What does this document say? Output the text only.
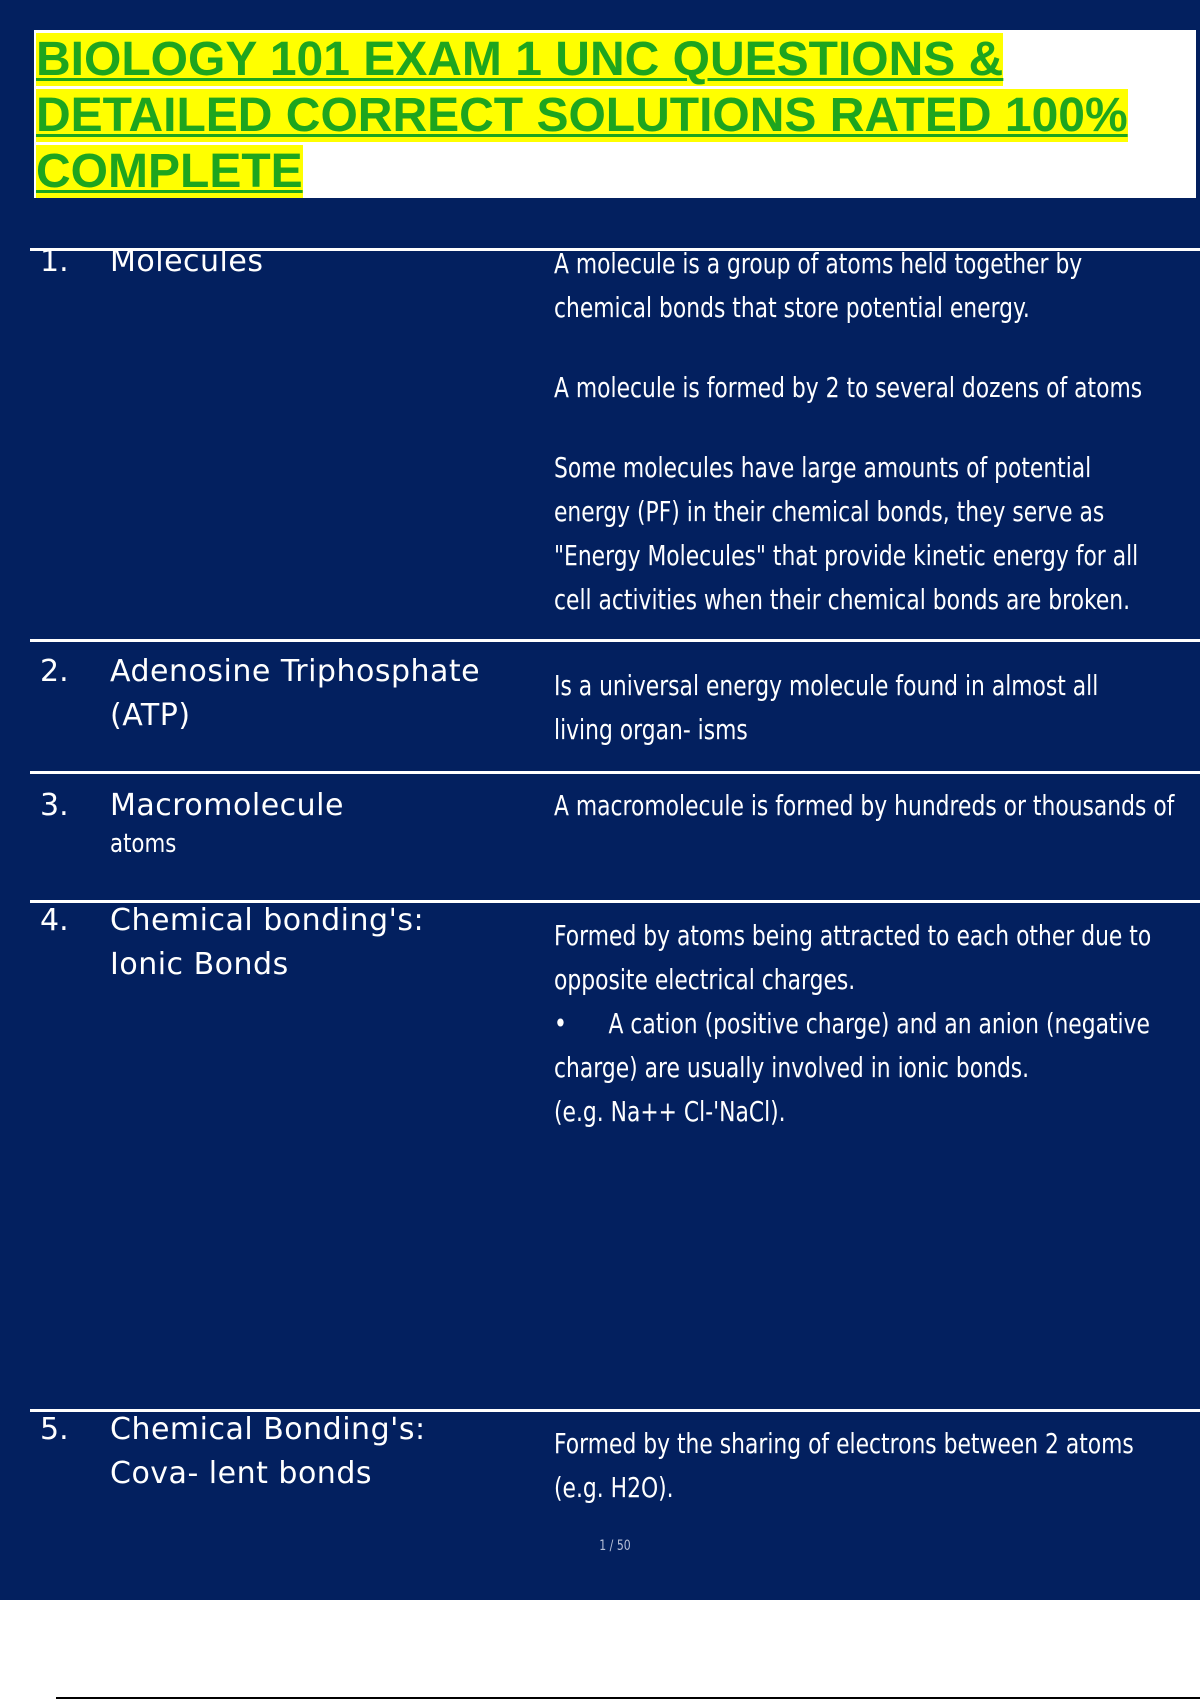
BIOLOGY 101 EXAM 1 UNC QUESTIONS & DETAILED CORRECT SOLUTIONS RATED 100% COMPLETE
1.	Molecules	A molecule is a group of atoms held together by chemical bonds that store potential energy.

A molecule is formed by 2 to several dozens of atoms

Some molecules have large amounts of potential energy (PF) in their chemical bonds, they serve as "Energy Molecules" that provide kinetic energy for all cell activities when their chemical bonds are broken.

2.	Adenosine Triphosphate (ATP)

Is a universal energy molecule found in almost all living organ- isms

3.	Macromolecule
atoms

A macromolecule is formed by hundreds or thousands of

4.	Chemical bonding's: Ionic Bonds

Formed by atoms being attracted to each other due to opposite electrical charges.

• A cation (positive charge) and an anion (negative charge) are usually involved in ionic bonds.

(e.g. Na++ Cl-'NaCl).

5.	Chemical Bonding's: Cova- lent bonds

Formed by the sharing of electrons between 2 atoms (e.g. H2O).

1 / 50
